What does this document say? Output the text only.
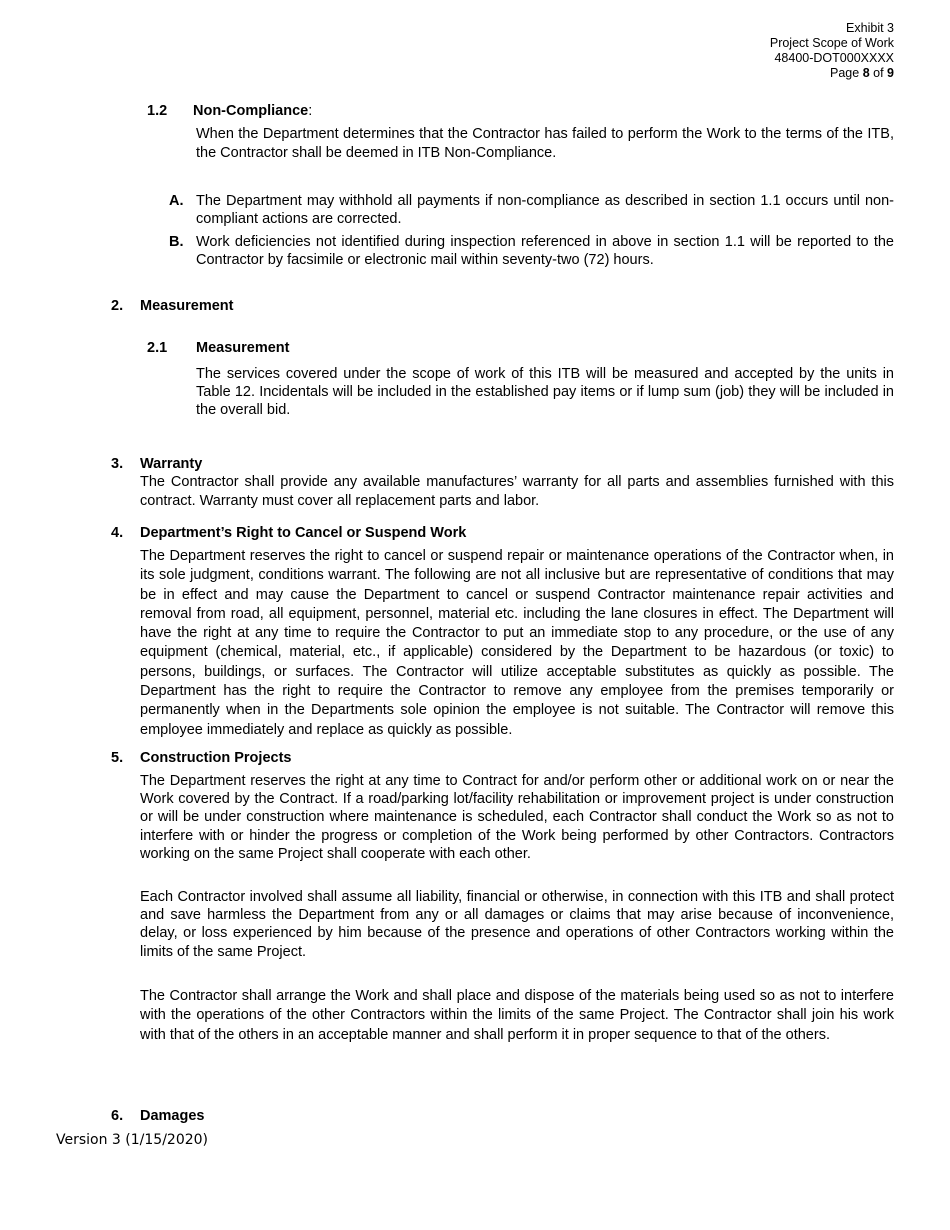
Exhibit 3
Project Scope of Work
48400-DOT000XXXX
Page 8 of 9
1.2 Non-Compliance:
When the Department determines that the Contractor has failed to perform the Work to the terms of the ITB, the Contractor shall be deemed in ITB Non-Compliance.
A. The Department may withhold all payments if non-compliance as described in section 1.1 occurs until non-compliant actions are corrected.
B. Work deficiencies not identified during inspection referenced in above in section 1.1 will be reported to the Contractor by facsimile or electronic mail within seventy-two (72) hours.
2. Measurement
2.1 Measurement
The services covered under the scope of work of this ITB will be measured and accepted by the units in Table 12. Incidentals will be included in the established pay items or if lump sum (job) they will be included in the overall bid.
3. Warranty
The Contractor shall provide any available manufactures’ warranty for all parts and assemblies furnished with this contract. Warranty must cover all replacement parts and labor.
4. Department’s Right to Cancel or Suspend Work
The Department reserves the right to cancel or suspend repair or maintenance operations of the Contractor when, in its sole judgment, conditions warrant. The following are not all inclusive but are representative of conditions that may be in effect and may cause the Department to cancel or suspend Contractor maintenance repair activities and removal from road, all equipment, personnel, material etc. including the lane closures in effect. The Department will have the right at any time to require the Contractor to put an immediate stop to any procedure, or the use of any equipment (chemical, material, etc., if applicable) considered by the Department to be hazardous (or toxic) to persons, buildings, or surfaces. The Contractor will utilize acceptable substitutes as quickly as possible. The Department has the right to require the Contractor to remove any employee from the premises temporarily or permanently when in the Departments sole opinion the employee is not suitable. The Contractor will remove this employee immediately and replace as quickly as possible.
5. Construction Projects
The Department reserves the right at any time to Contract for and/or perform other or additional work on or near the Work covered by the Contract. If a road/parking lot/facility rehabilitation or improvement project is under construction or will be under construction where maintenance is scheduled, each Contractor shall conduct the Work so as not to interfere with or hinder the progress or completion of the Work being performed by other Contractors. Contractors working on the same Project shall cooperate with each other.
Each Contractor involved shall assume all liability, financial or otherwise, in connection with this ITB and shall protect and save harmless the Department from any or all damages or claims that may arise because of inconvenience, delay, or loss experienced by him because of the presence and operations of other Contractors working within the limits of the same Project.
The Contractor shall arrange the Work and shall place and dispose of the materials being used so as not to interfere with the operations of the other Contractors within the limits of the same Project. The Contractor shall join his work with that of the others in an acceptable manner and shall perform it in proper sequence to that of the others.
6. Damages
Version 3 (1/15/2020)
